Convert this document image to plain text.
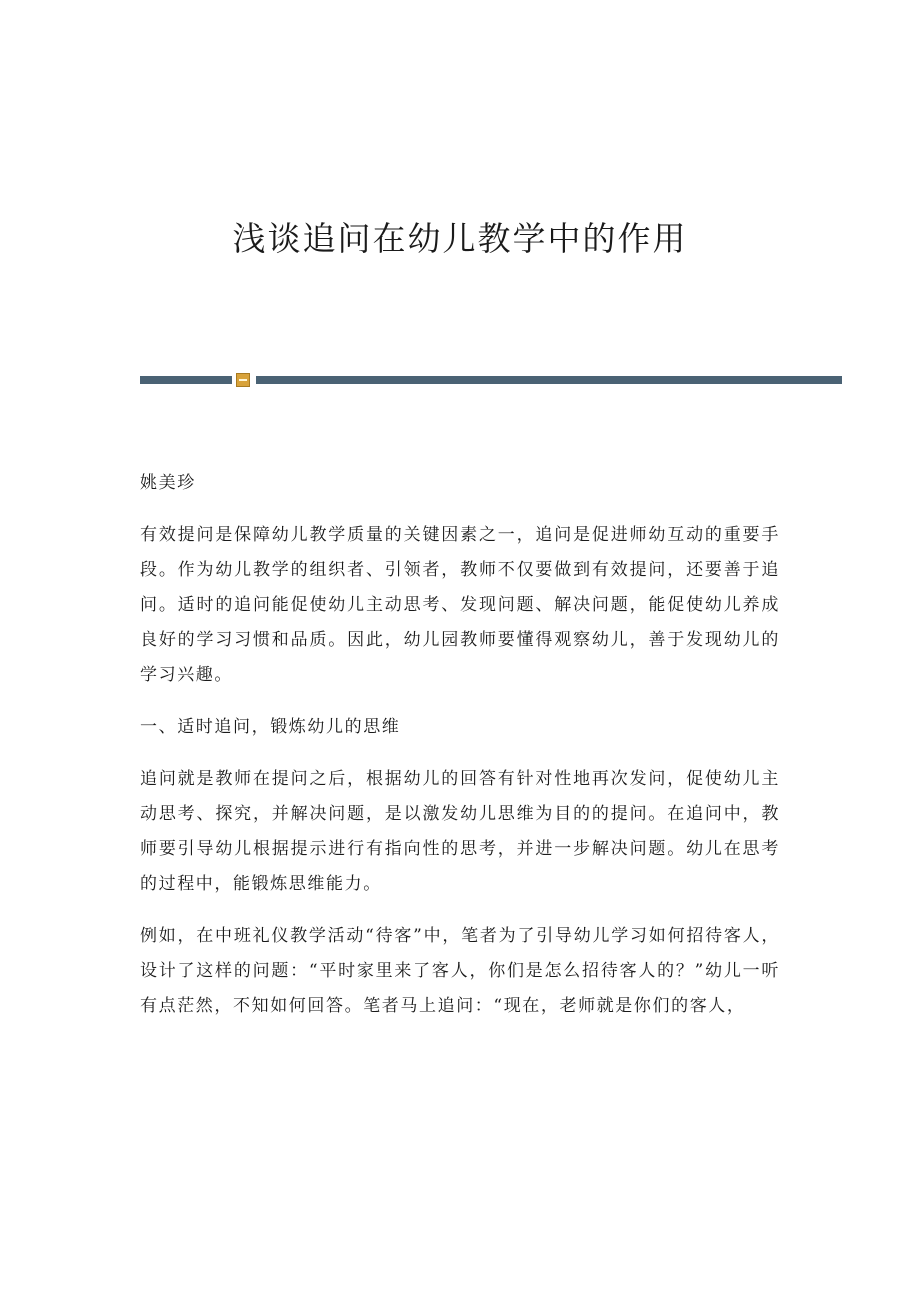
浅谈追问在幼儿教学中的作用

姚美珍

有效提问是保障幼儿教学质量的关键因素之一，追问是促进师幼互动的重要手段。作为幼儿教学的组织者、引领者，教师不仅要做到有效提问，还要善于追问。适时的追问能促使幼儿主动思考、发现问题、解决问题，能促使幼儿养成良好的学习习惯和品质。因此，幼儿园教师要懂得观察幼儿，善于发现幼儿的学习兴趣。

一、适时追问，锻炼幼儿的思维

追问就是教师在提问之后，根据幼儿的回答有针对性地再次发问，促使幼儿主动思考、探究，并解决问题，是以激发幼儿思维为目的的提问。在追问中，教师要引导幼儿根据提示进行有指向性的思考，并进一步解决问题。幼儿在思考的过程中，能锻炼思维能力。

例如，在中班礼仪教学活动“待客”中，笔者为了引导幼儿学习如何招待客人，设计了这样的问题：“平时家里来了客人，你们是怎么招待客人的？”幼儿一听有点茫然，不知如何回答。笔者马上追问：“现在，老师就是你们的客人，
